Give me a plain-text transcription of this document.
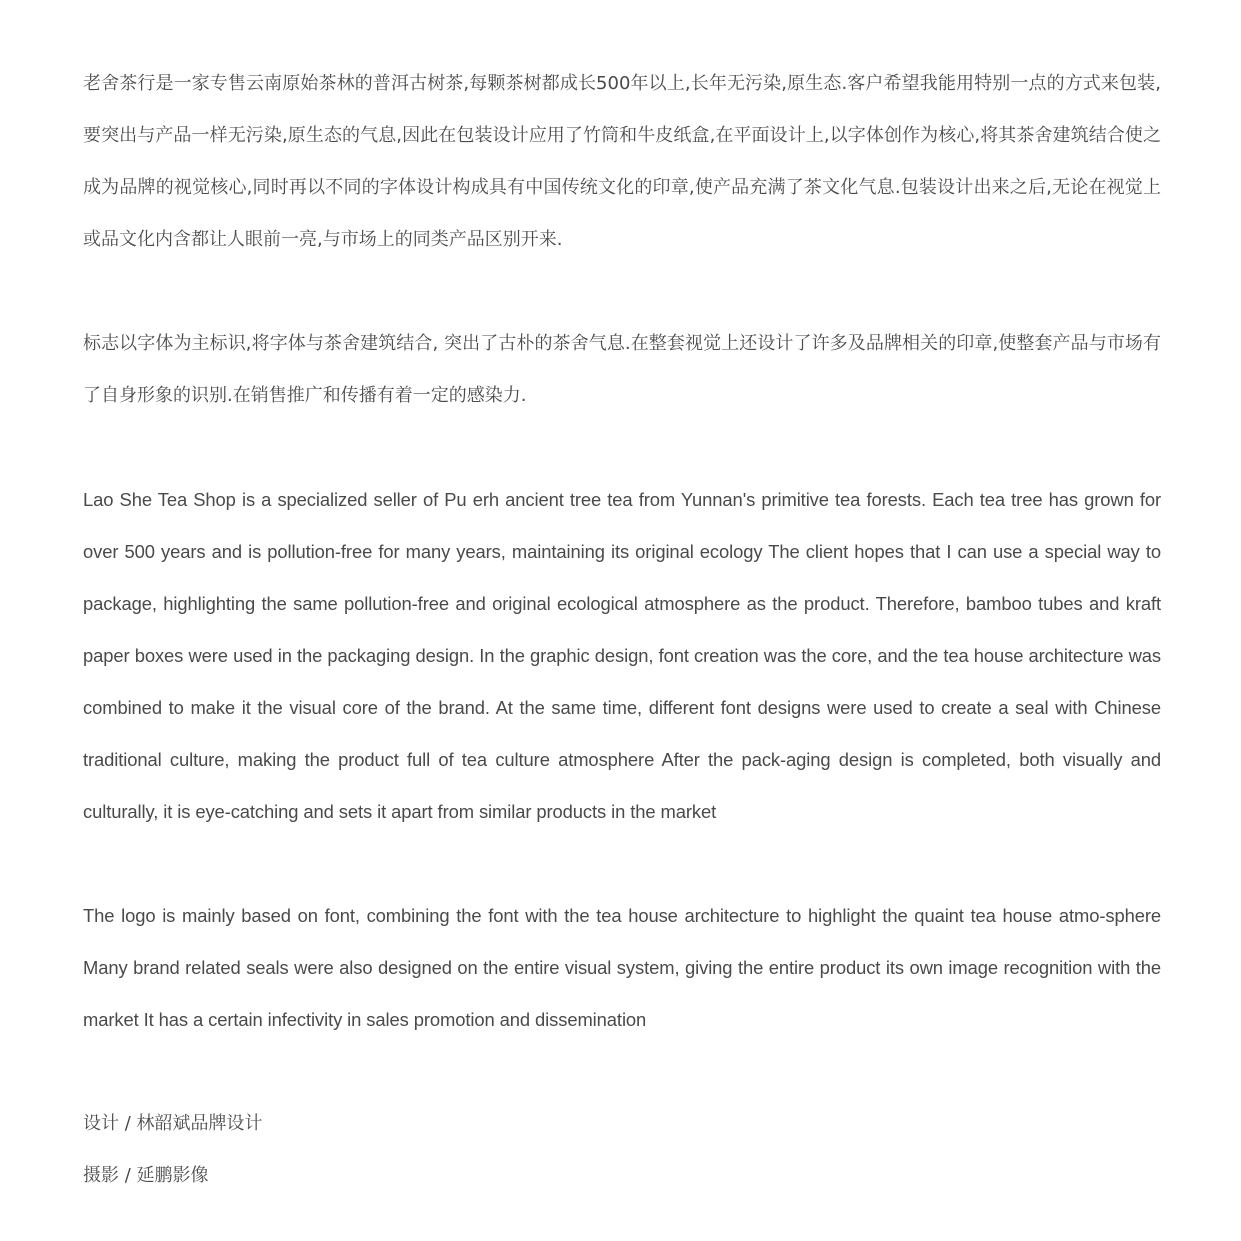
老舍茶行是一家专售云南原始茶林的普洱古树茶,每颗茶树都成长500年以上,长年无污染,原生态.客户希望我能用特别一点的方式来包装,要突出与产品一样无污染,原生态的气息,因此在包装设计应用了竹筒和牛皮纸盒,在平面设计上,以字体创作为核心,将其茶舍建筑结合使之成为品牌的视觉核心,同时再以不同的字体设计构成具有中国传统文化的印章,使产品充满了茶文化气息.包装设计出来之后,无论在视觉上或品文化内含都让人眼前一亮,与市场上的同类产品区别开来.

标志以字体为主标识,将字体与茶舍建筑结合, 突出了古朴的茶舍气息.在整套视觉上还设计了许多及品牌相关的印章,使整套产品与市场有了自身形象的识别.在销售推广和传播有着一定的感染力.

Lao She Tea Shop is a specialized seller of Pu erh ancient tree tea from Yunnan's primitive tea forests. Each tea tree has grown for over 500 years and is pollution-free for many years, maintaining its original ecology The client hopes that I can use a special way to package, highlighting the same pollution-free and original ecological atmosphere as the product. Therefore, bamboo tubes and kraft paper boxes were used in the packaging design. In the graphic design, font creation was the core, and the tea house architecture was combined to make it the visual core of the brand. At the same time, different font designs were used to create a seal with Chinese traditional culture, making the product full of tea culture atmosphere After the pack-aging design is completed, both visually and culturally, it is eye-catching and sets it apart from similar products in the market

The logo is mainly based on font, combining the font with the tea house architecture to highlight the quaint tea house atmo-sphere Many brand related seals were also designed on the entire visual system, giving the entire product its own image recognition with the market It has a certain infectivity in sales promotion and dissemination

设计 / 林韶斌品牌设计

摄影 / 延鹏影像
